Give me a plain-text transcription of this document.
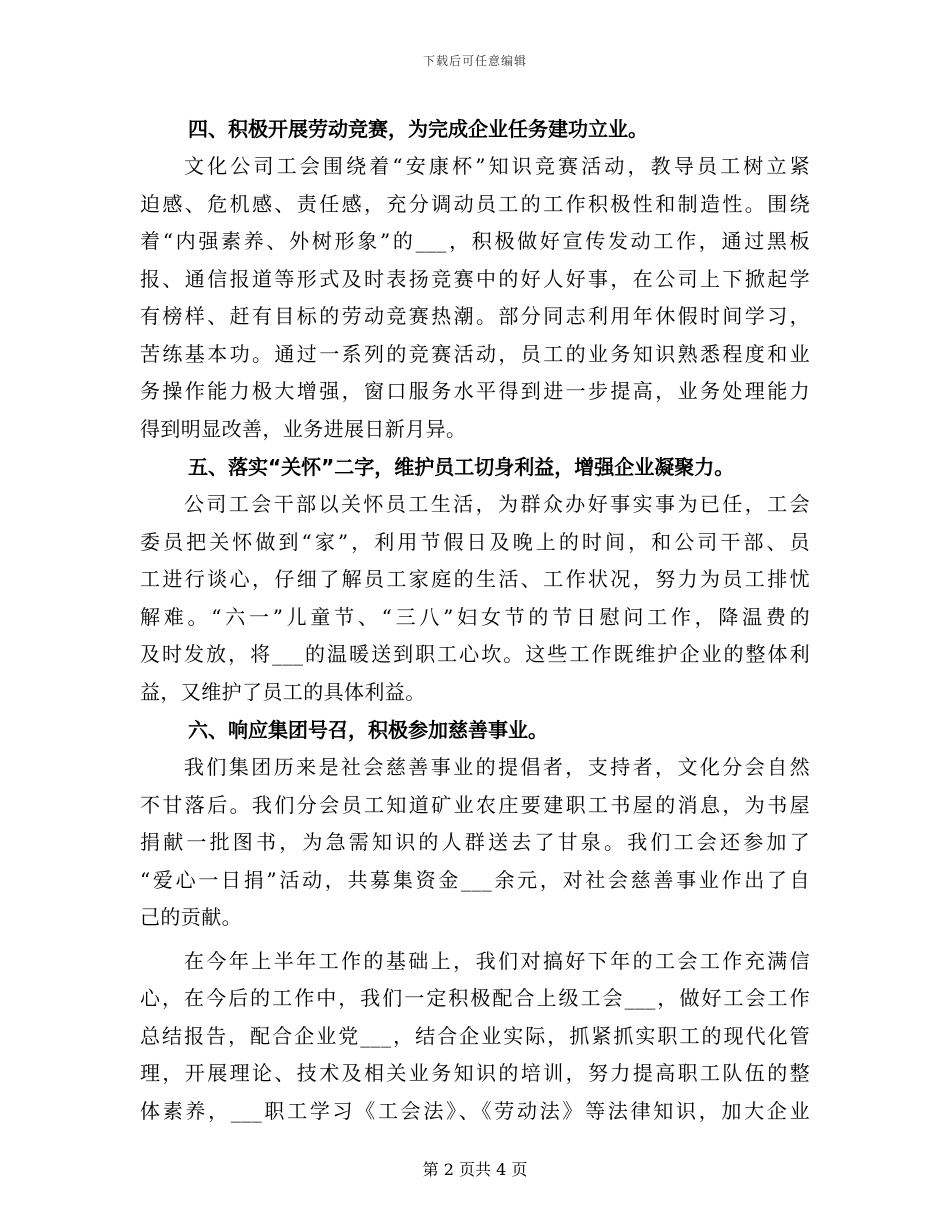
下载后可任意编辑

四、积极开展劳动竞赛，为完成企业任务建功立业。

文化公司工会围绕着“安康杯”知识竞赛活动，教导员工树立紧
迫感、危机感、责任感，充分调动员工的工作积极性和制造性。围绕
着“内强素养、外树形象”的___，积极做好宣传发动工作，通过黑板
报、通信报道等形式及时表扬竞赛中的好人好事，在公司上下掀起学
有榜样、赶有目标的劳动竞赛热潮。部分同志利用年休假时间学习，
苦练基本功。通过一系列的竞赛活动，员工的业务知识熟悉程度和业
务操作能力极大增强，窗口服务水平得到进一步提高，业务处理能力
得到明显改善，业务进展日新月异。

五、落实“关怀”二字，维护员工切身利益，增强企业凝聚力。

公司工会干部以关怀员工生活，为群众办好事实事为已任，工会
委员把关怀做到“家”，利用节假日及晚上的时间，和公司干部、员
工进行谈心，仔细了解员工家庭的生活、工作状况，努力为员工排忧
解难。“六一”儿童节、“三八”妇女节的节日慰问工作，降温费的
及时发放，将___的温暖送到职工心坎。这些工作既维护企业的整体利
益，又维护了员工的具体利益。

六、响应集团号召，积极参加慈善事业。

我们集团历来是社会慈善事业的提倡者，支持者，文化分会自然
不甘落后。我们分会员工知道矿业农庄要建职工书屋的消息，为书屋
捐献一批图书，为急需知识的人群送去了甘泉。我们工会还参加了
“爱心一日捐”活动，共募集资金___余元，对社会慈善事业作出了自
己的贡献。

在今年上半年工作的基础上，我们对搞好下年的工会工作充满信
心，在今后的工作中，我们一定积极配合上级工会___，做好工会工作
总结报告，配合企业党___，结合企业实际，抓紧抓实职工的现代化管
理，开展理论、技术及相关业务知识的培训，努力提高职工队伍的整
体素养，___职工学习《工会法》、《劳动法》等法律知识，加大企业

第 2 页共 4 页
